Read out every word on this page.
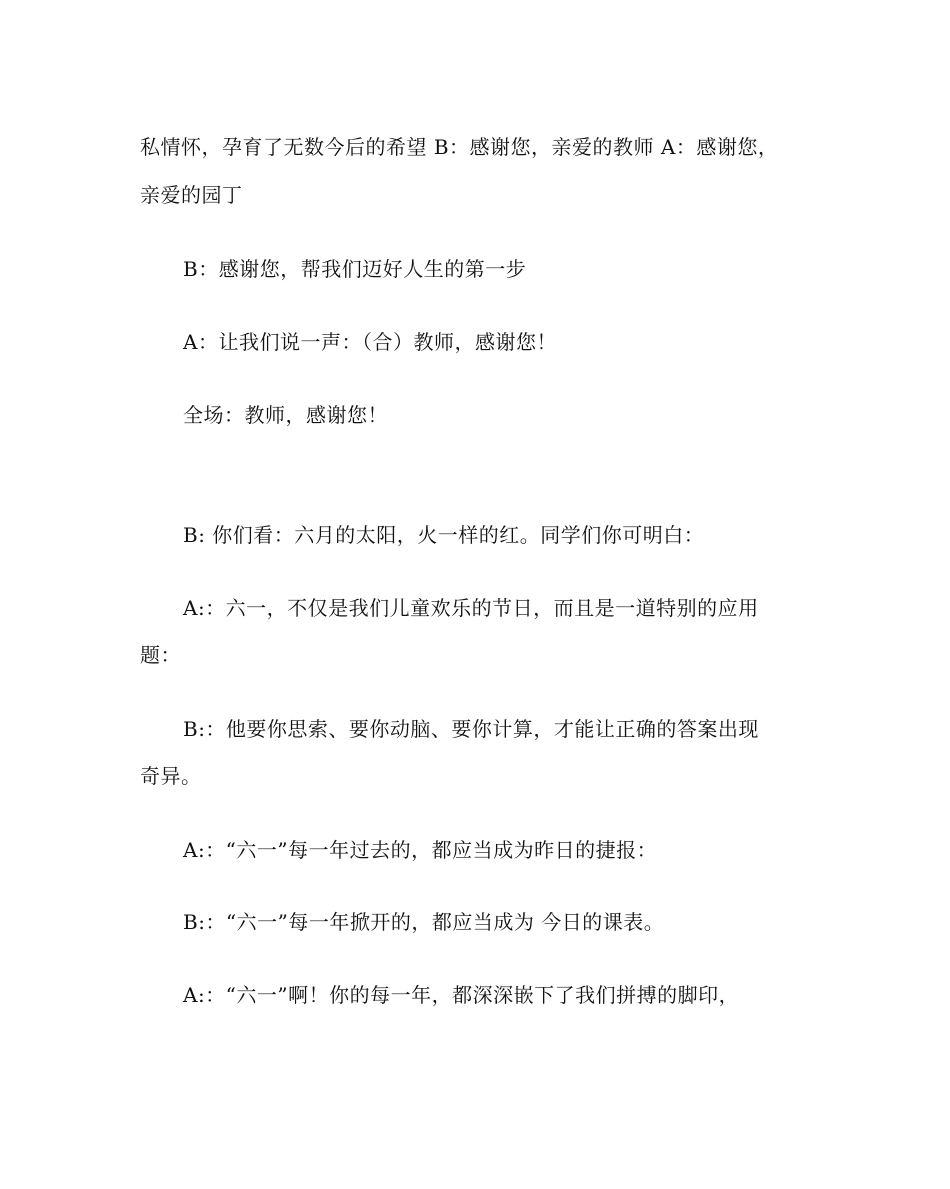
私情怀，孕育了无数今后的希望 B：感谢您，亲爱的教师 A：感谢您，
亲爱的园丁
B：感谢您，帮我们迈好人生的第一步
A：让我们说一声：（合）教师，感谢您！
全场：教师，感谢您！
B: 你们看：六月的太阳，火一样的红。同学们你可明白：
A:：六一，不仅是我们儿童欢乐的节日，而且是一道特别的应用
题：
B:：他要你思索、要你动脑、要你计算，才能让正确的答案出现
奇异。
A:：“六一”每一年过去的，都应当成为昨日的捷报：
B:：“六一”每一年掀开的，都应当成为 今日的课表。
A:：“六一”啊！你的每一年，都深深嵌下了我们拼搏的脚印，
